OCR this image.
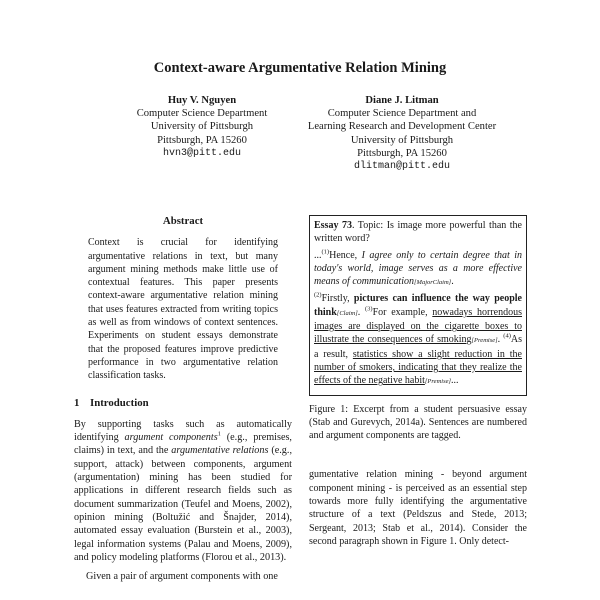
Context-aware Argumentative Relation Mining
Huy V. Nguyen
Computer Science Department
University of Pittsburgh
Pittsburgh, PA 15260
hvn3@pitt.edu
Diane J. Litman
Computer Science Department and
Learning Research and Development Center
University of Pittsburgh
Pittsburgh, PA 15260
dlitman@pitt.edu
Abstract

Context is crucial for identifying argumentative relations in text, but many argument mining methods make little use of contextual features. This paper presents context-aware argumentative relation mining that uses features extracted from writing topics as well as from windows of context sentences. Experiments on student essays demonstrate that the proposed features improve predictive performance in two argumentative relation classification tasks.

1 Introduction

By supporting tasks such as automatically identifying argument components$^1$ (e.g., premises, claims) in text, and the argumentative relations (e.g., support, attack) between components, argument (argumentation) mining has been studied for applications in different research fields such as document summarization (Teufel and Moens, 2002), opinion mining (Boltužić and Šnajder, 2014), automated essay evaluation (Burstein et al., 2003), legal information systems (Palau and Moens, 2009), and policy modeling platforms (Florou et al., 2013).

Given a pair of argument components with one

Essay 73. Topic: Is image more powerful than the written word?

...$^{(1)}$Hence, I agree only to certain degree that in today's world, image serves as a more effective means of communication[MajorClaim].

$^{(2)}$Firstly, pictures can influence the way people think[Claim]. $^{(3)}$For example, nowadays horrendous images are displayed on the cigarette boxes to illustrate the consequences of smoking[Premise]. $^{(4)}$As a result, statistics show a slight reduction in the number of smokers, indicating that they realize the effects of the negative habit[Premise]...

Figure 1: Excerpt from a student persuasive essay (Stab and Gurevych, 2014a). Sentences are numbered and argument components are tagged.

gumentative relation mining - beyond argument component mining - is perceived as an essential step towards more fully identifying the argumentative structure of a text (Peldszus and Stede, 2013; Sergeant, 2013; Stab et al., 2014). Consider the second paragraph shown in Figure 1. Only detect-
